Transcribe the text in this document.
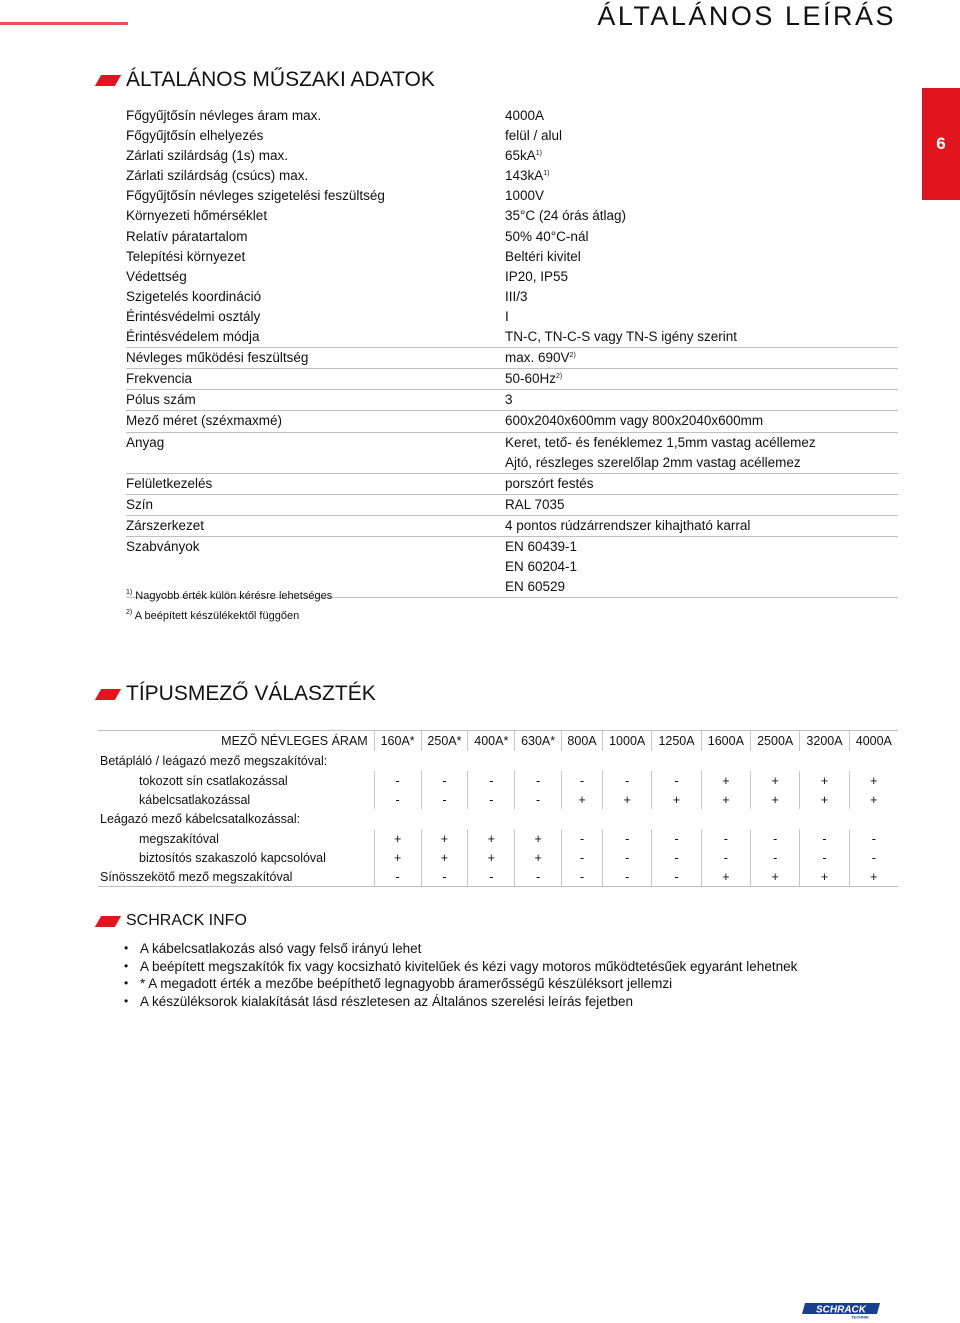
ÁLTALÁNOS LEÍRÁS
6
ÁLTALÁNOS MŰSZAKI ADATOK
Főgyűjtősín névleges áram max.	4000A
Főgyűjtősín elhelyezés	felül / alul
Zárlati szilárdság (1s) max.	$65kA^{1)}$
Zárlati szilárdság (csúcs) max.	$143kA^{1)}$
Főgyűjtősín névleges szigetelési feszültség	1000V
Környezeti hőmérséklet	35°C (24 órás átlag)
Relatív páratartalom	50% 40°C-nál
Telepítési környezet	Beltéri kivitel
Védettség	IP20, IP55
Szigetelés koordináció	III/3
Érintésvédelmi osztály	I
Érintésvédelem módja	TN-C, TN-C-S vagy TN-S igény szerint
Névleges működési feszültség	max. $690V^{2)}$
Frekvencia	50-60Hz$^{2)}$
Pólus szám	3
Mező méret (széxmaxmé)	600x2040x600mm vagy 800x2040x600mm
Anyag	Keret, tető- és fenéklemez 1,5mm vastag acéllemez
Ajtó, részleges szerelőlap 2mm vastag acéllemez
Felületkezelés	porszórt festés
Szín	RAL 7035
Zárszerkezet	4 pontos rúdzárrendszer kihajtható karral
Szabványok	EN 60439-1
EN 60204-1
EN 60529
$^{1)}$ Nagyobb érték külön kérésre lehetséges
$^{2)}$ A beépített készülékektől függően
TÍPUSMEZŐ VÁLASZTÉK
MEZŐ NÉVLEGES ÁRAM	160A*	250A*	400A*	630A*	800A	1000A	1250A	1600A	2500A	3200A	4000A
Betápláló / leágazó mező megszakítóval:											
tokozott sín csatlakozással	-	-	-	-	-	-	-	+	+	+	+
kábelcsatlakozással	-	-	-	-	+	+	+	+	+	+	+
Leágazó mező kábelcsatalkozással:											
megszakítóval	+	+	+	+	-	-	-	-	-	-	-
biztosítós szakaszoló kapcsolóval	+	+	+	+	-	-	-	-	-	-	-
Sínösszekötő mező megszakítóval	-	-	-	-	-	-	-	+	+	+	+
SCHRACK INFO
• A kábelcsatlakozás alsó vagy felső irányú lehet
• A beépített megszakítók fix vagy kocsizható kivitelűek és kézi vagy motoros működtetésűek egyaránt lehetnek
• * A megadott érték a mezőbe beépíthető legnagyobb áramerősségű készüléksort jellemzi
• A készüléksorok kialakítását lásd részletesen az Általános szerelési leírás fejetben
SCHRACK
TECHNIK
